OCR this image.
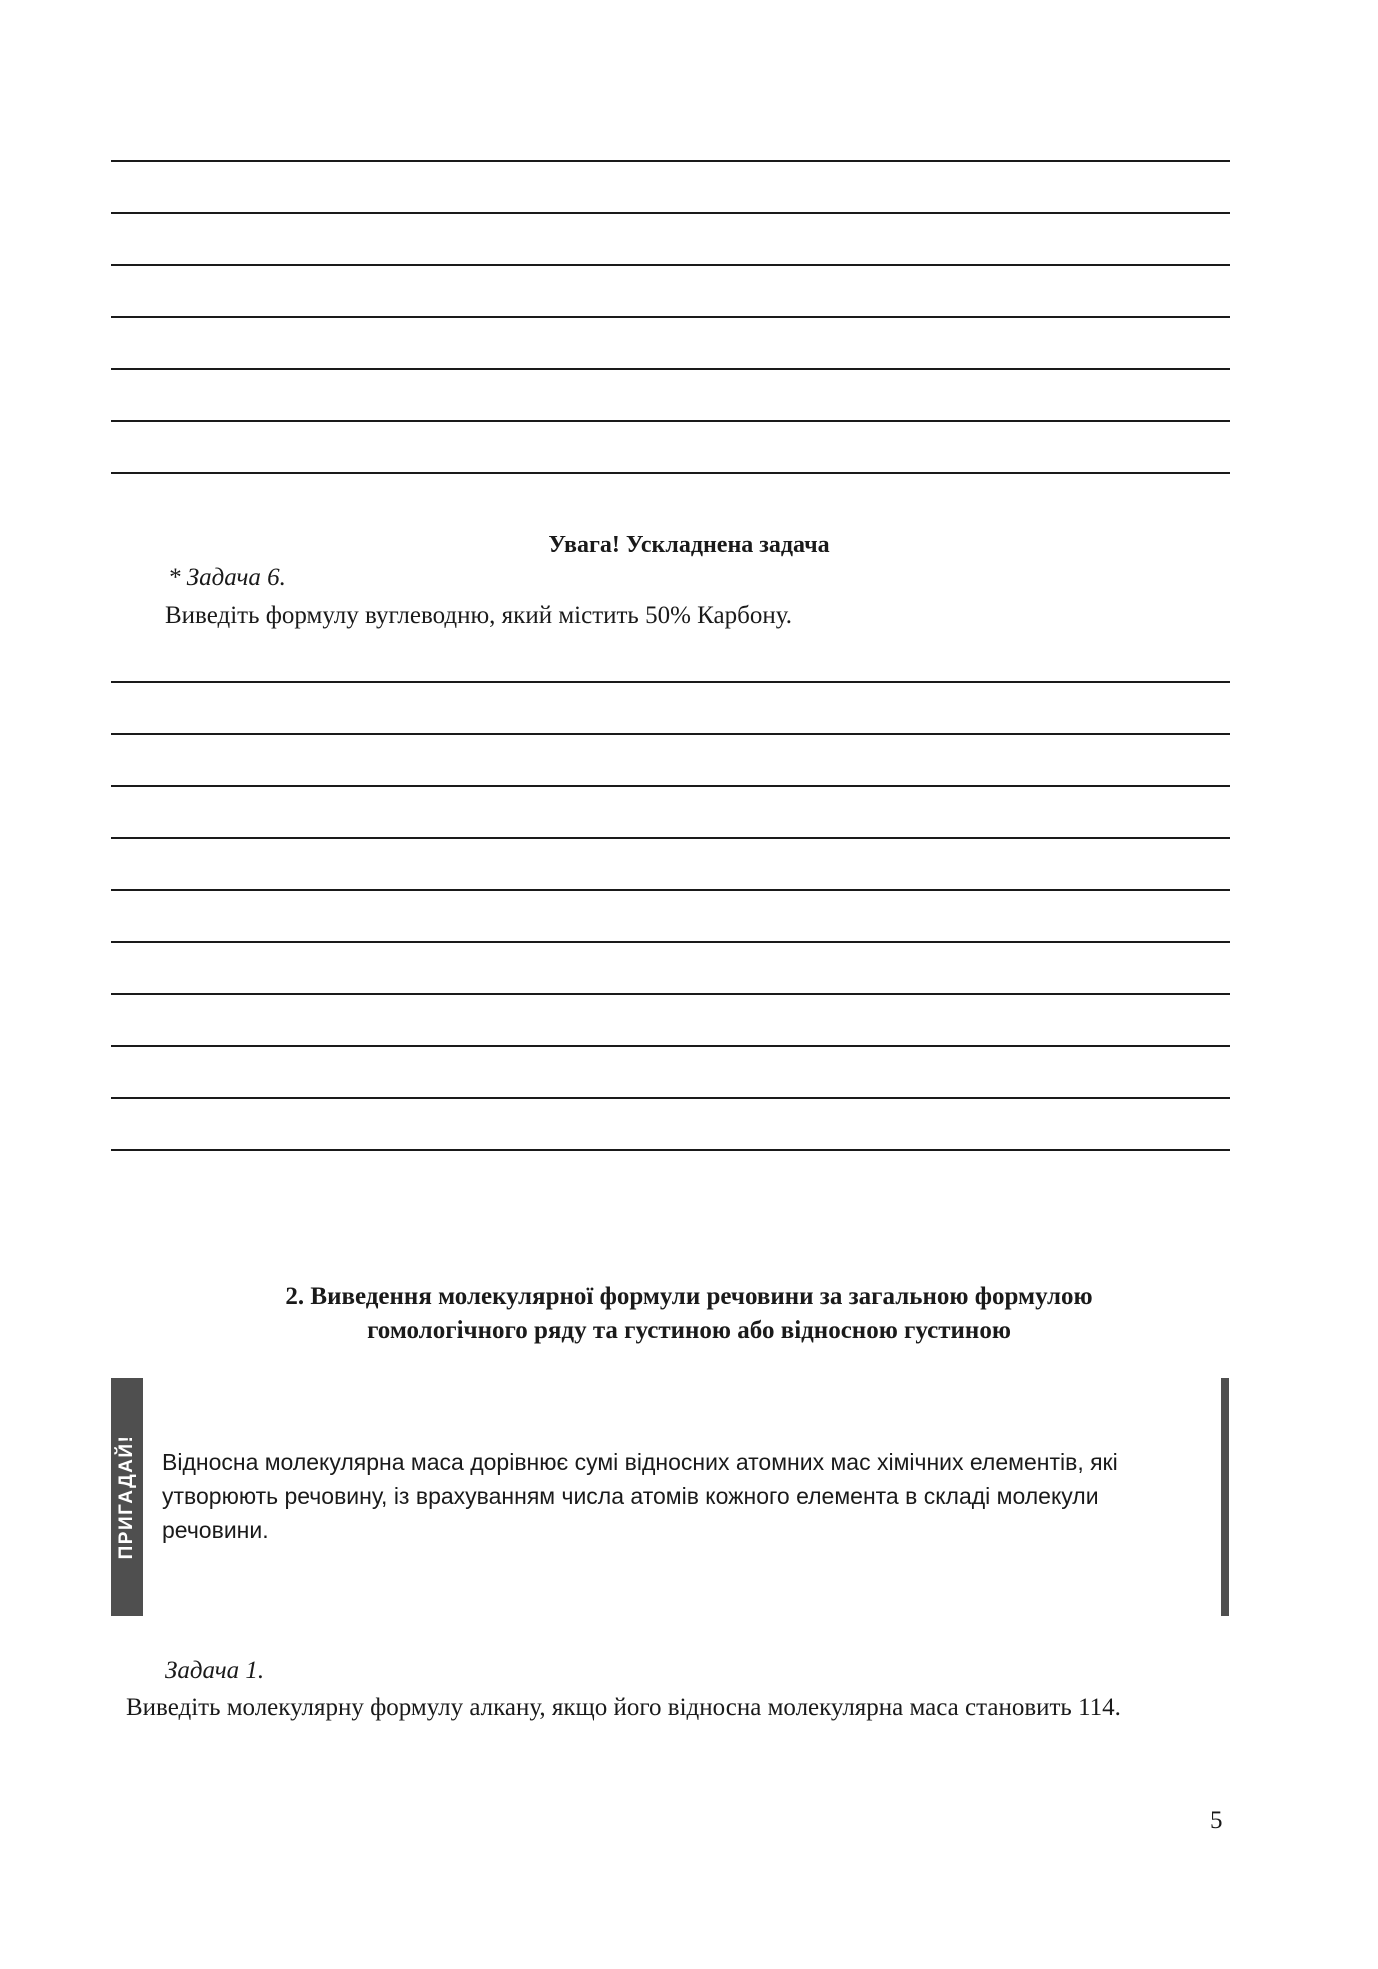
Увага! Ускладнена задача
* Задача 6.
Виведіть формулу вуглеводню, який містить 50% Карбону.
2. Виведення молекулярної формули речовини за загальною формулою
гомологічного ряду та густиною або відносною густиною
ПРИГАДАЙ! Відносна молекулярна маса дорівнює сумі відносних атомних мас хімічних елементів, які утворюють речовину, із врахуванням числа атомів кожного елемента в складі молекули речовини.
Задача 1.
Виведіть молекулярну формулу алкану, якщо його відносна молекулярна маса становить 114.
5
